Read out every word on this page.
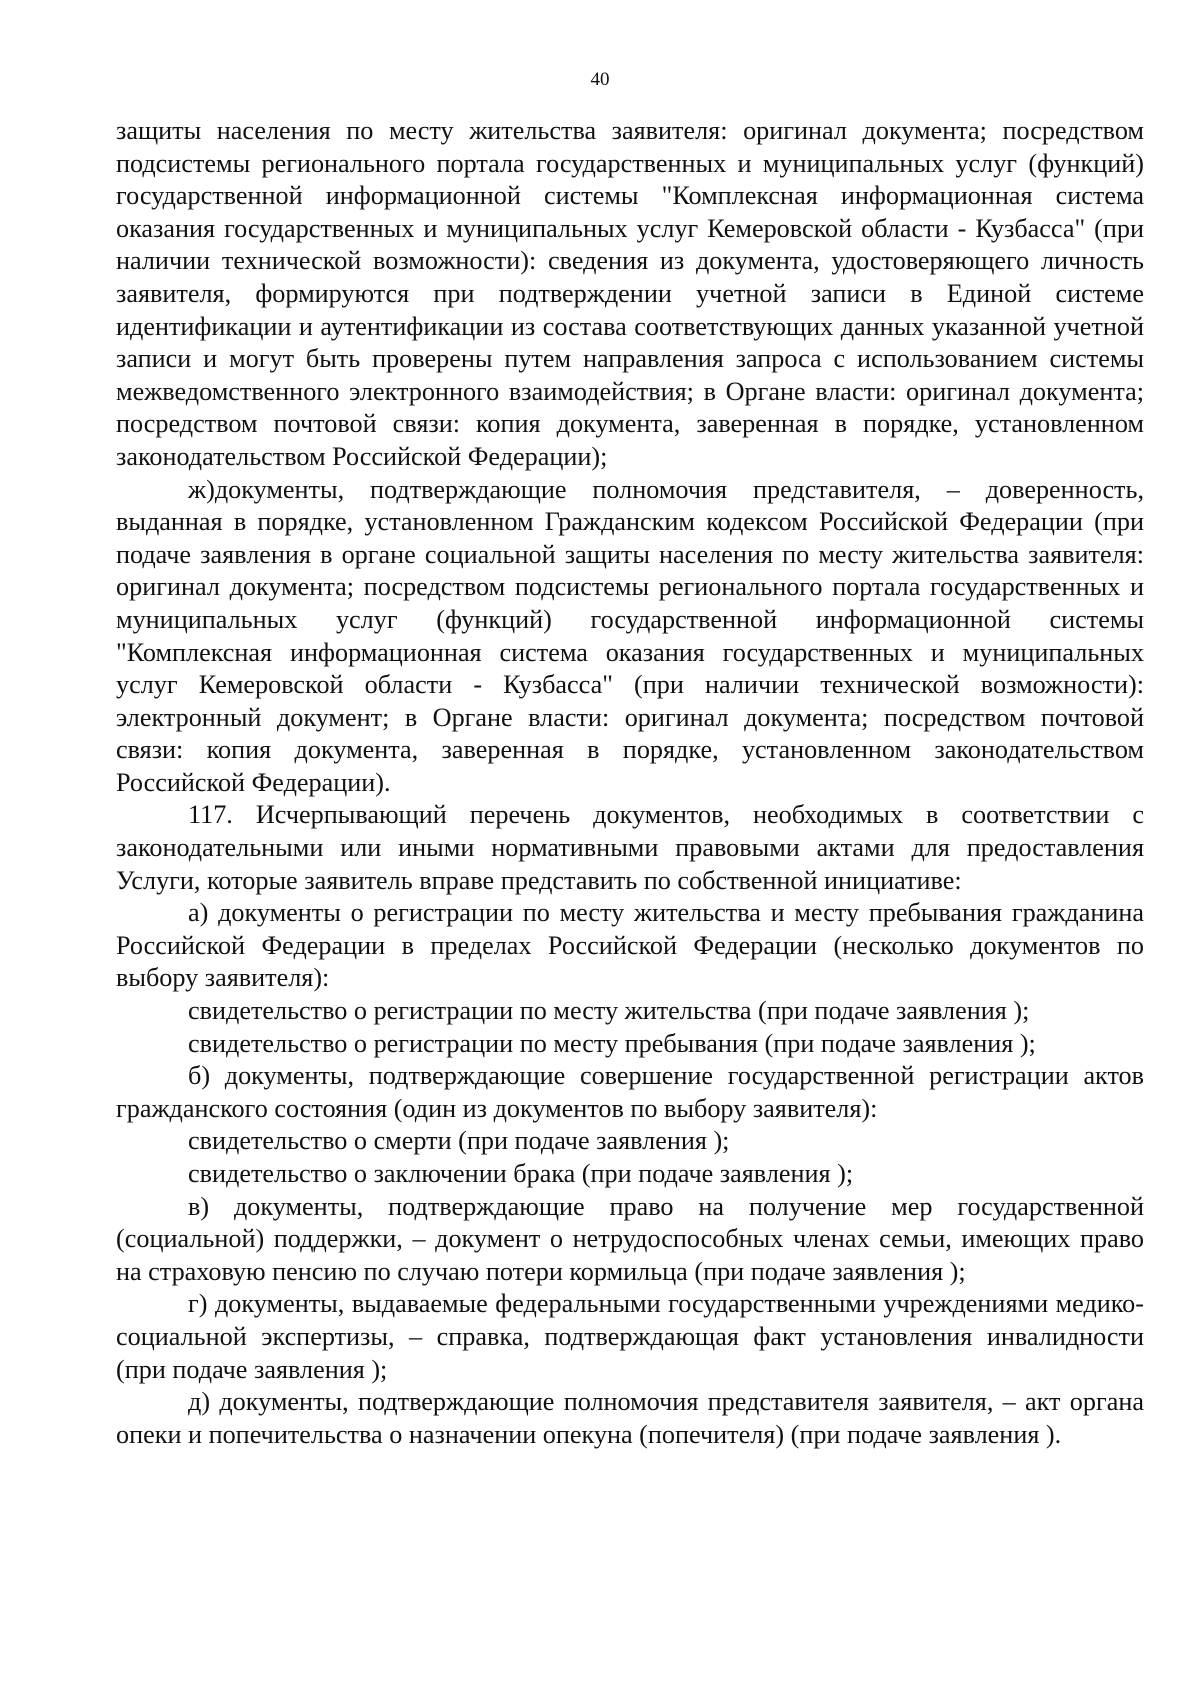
40

защиты населения по месту жительства заявителя: оригинал документа; посредством подсистемы регионального портала государственных и муниципальных услуг (функций) государственной информационной системы "Комплексная информационная система оказания государственных и муниципальных услуг Кемеровской области - Кузбасса" (при наличии технической возможности): сведения из документа, удостоверяющего личность заявителя, формируются при подтверждении учетной записи в Единой системе идентификации и аутентификации из состава соответствующих данных указанной учетной записи и могут быть проверены путем направления запроса с использованием системы межведомственного электронного взаимодействия; в Органе власти: оригинал документа; посредством почтовой связи: копия документа, заверенная в порядке, установленном законодательством Российской Федерации);

ж)документы, подтверждающие полномочия представителя, – доверенность, выданная в порядке, установленном Гражданским кодексом Российской Федерации (при подаче заявления в органе социальной защиты населения по месту жительства заявителя: оригинал документа; посредством подсистемы регионального портала государственных и муниципальных услуг (функций) государственной информационной системы "Комплексная информационная система оказания государственных и муниципальных услуг Кемеровской области - Кузбасса" (при наличии технической возможности): электронный документ; в Органе власти: оригинал документа; посредством почтовой связи: копия документа, заверенная в порядке, установленном законодательством Российской Федерации).

117. Исчерпывающий перечень документов, необходимых в соответствии с законодательными или иными нормативными правовыми актами для предоставления Услуги, которые заявитель вправе представить по собственной инициативе:

а) документы о регистрации по месту жительства и месту пребывания гражданина Российской Федерации в пределах Российской Федерации (несколько документов по выбору заявителя):

свидетельство о регистрации по месту жительства (при подаче заявления );

свидетельство о регистрации по месту пребывания (при подаче заявления );

б) документы, подтверждающие совершение государственной регистрации актов гражданского состояния (один из документов по выбору заявителя):

свидетельство о смерти (при подаче заявления );

свидетельство о заключении брака (при подаче заявления );

в) документы, подтверждающие право на получение мер государственной (социальной) поддержки, – документ о нетрудоспособных членах семьи, имеющих право на страховую пенсию по случаю потери кормильца (при подаче заявления );

г) документы, выдаваемые федеральными государственными учреждениями медико-социальной экспертизы, – справка, подтверждающая факт установления инвалидности (при подаче заявления );

д) документы, подтверждающие полномочия представителя заявителя, – акт органа опеки и попечительства о назначении опекуна (попечителя) (при подаче заявления ).
